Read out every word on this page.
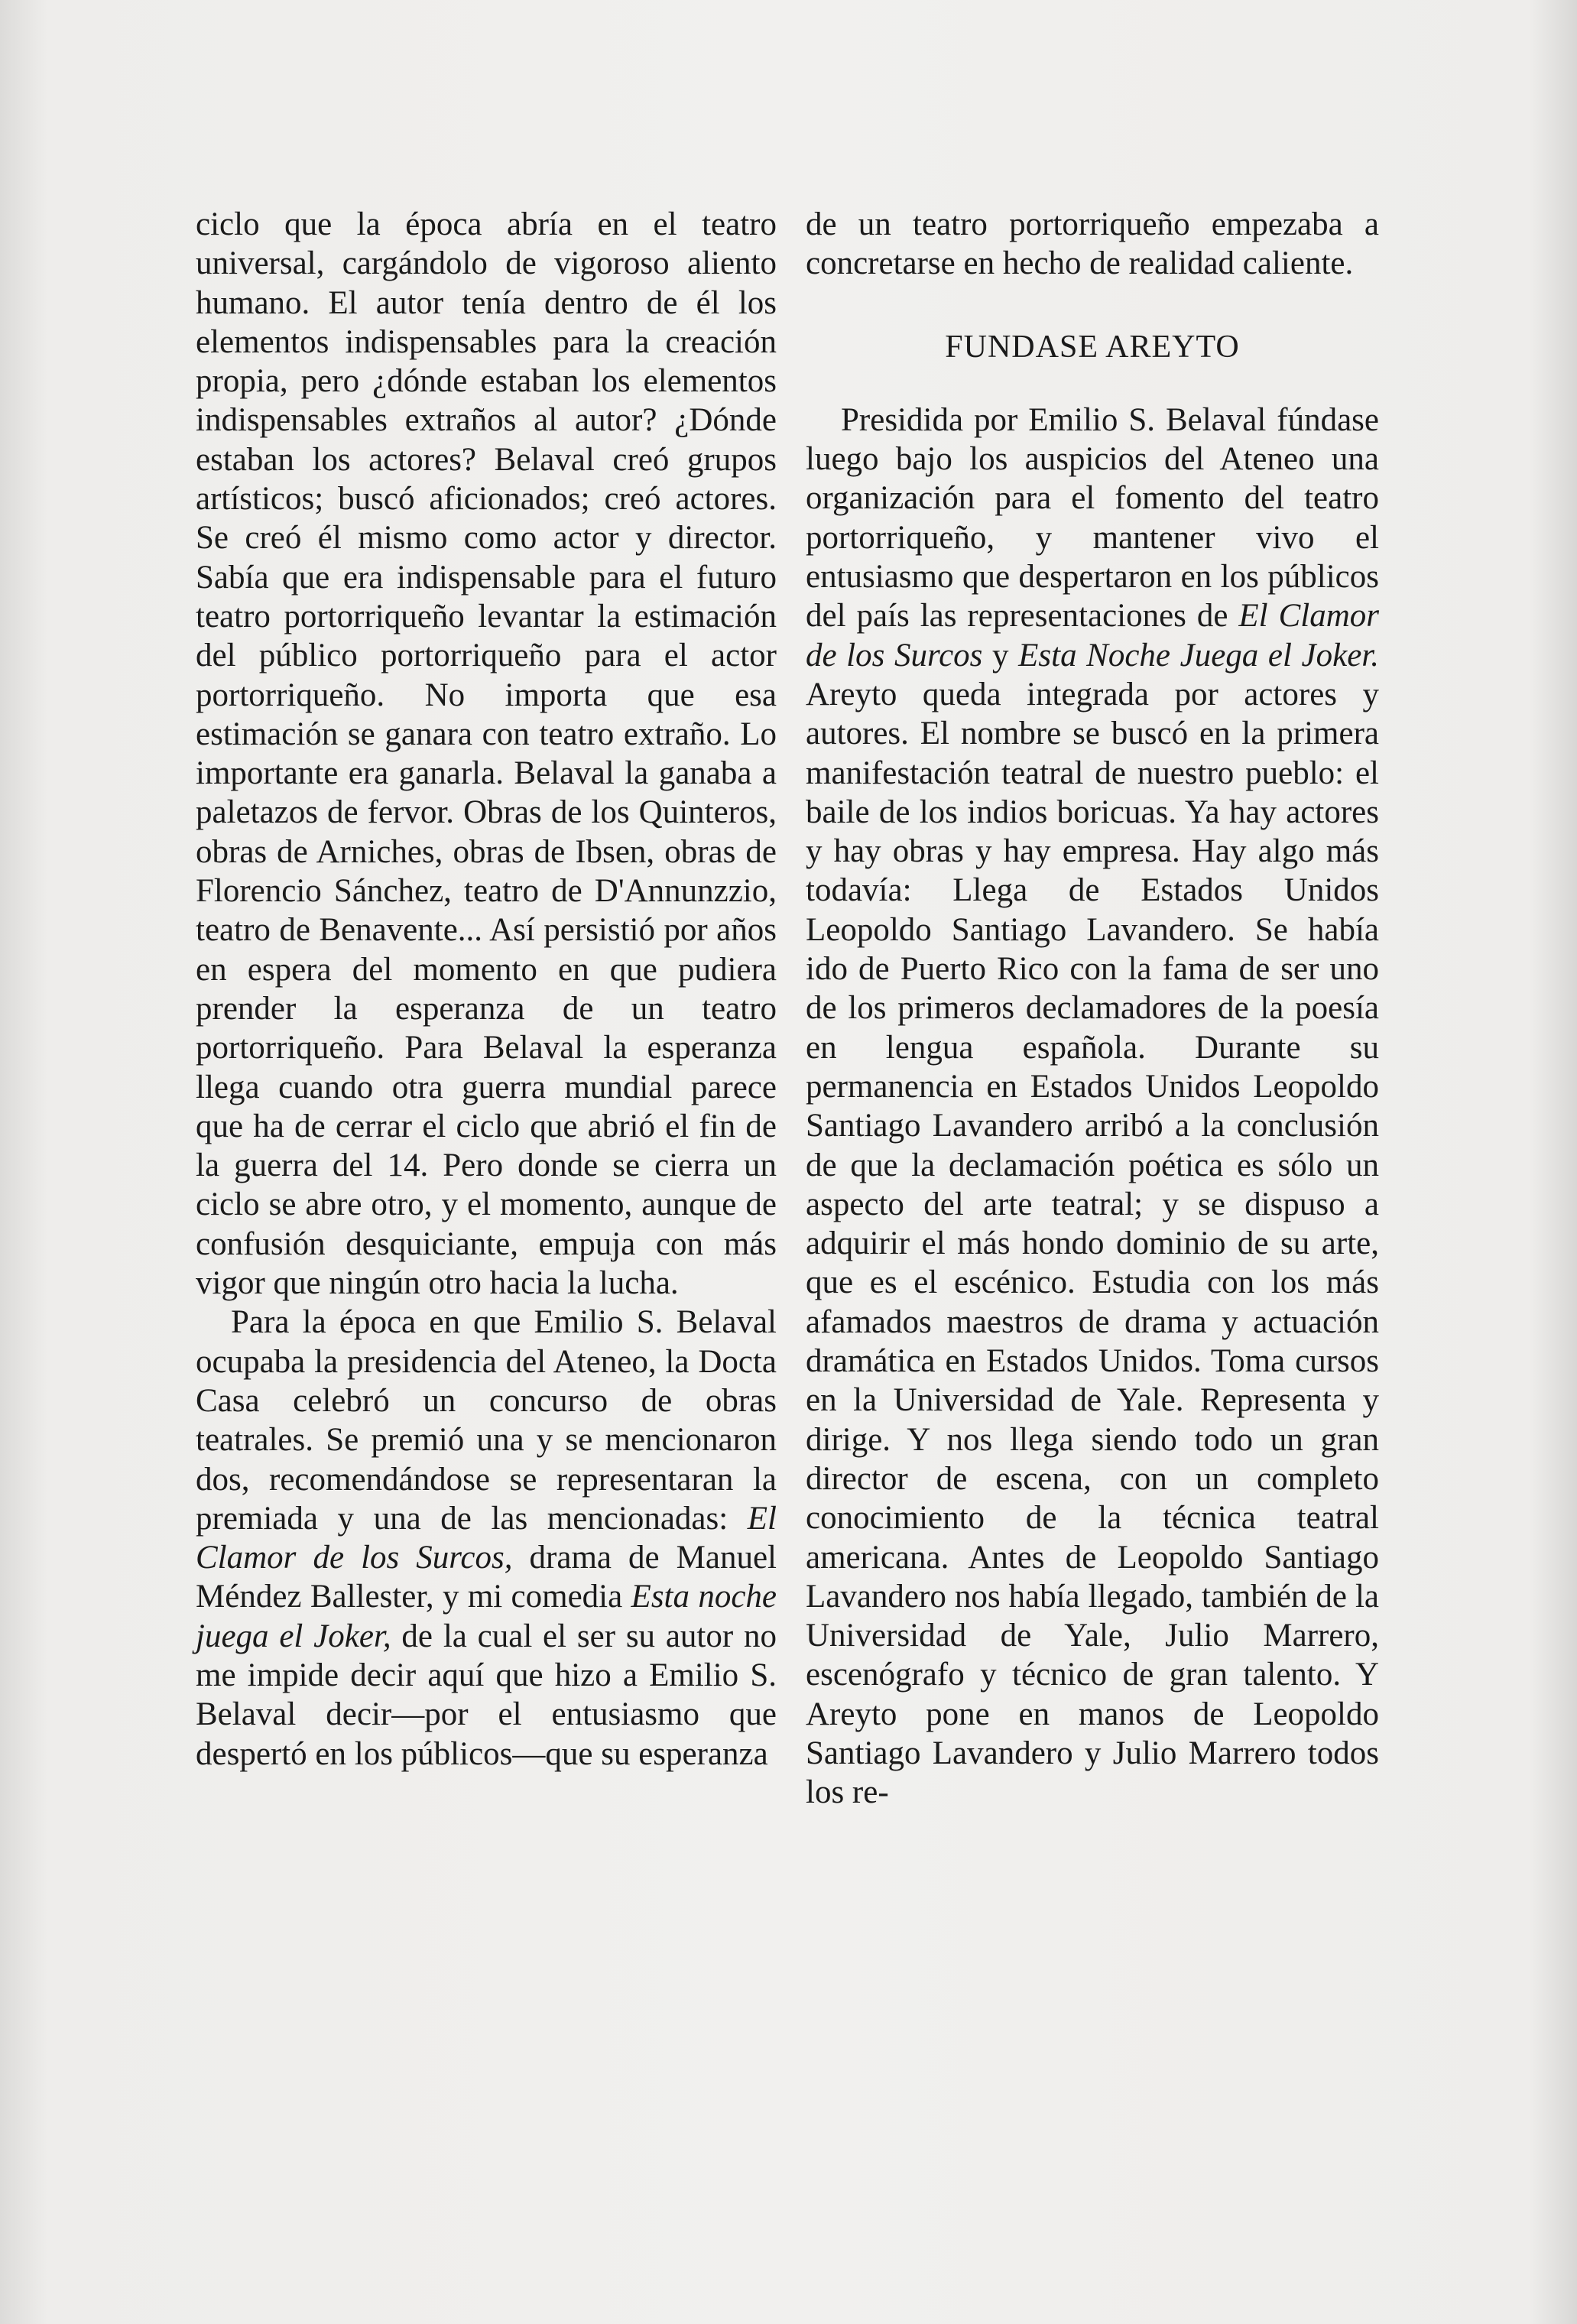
ciclo que la época abría en el teatro universal, cargándolo de vigoroso aliento humano. El autor tenía dentro de él los elementos indispensables para la creación propia, pero ¿dónde estaban los elementos indispensables extraños al autor? ¿Dónde estaban los actores? Belaval creó grupos artísticos; buscó aficionados; creó actores. Se creó él mismo como actor y director. Sabía que era indispensable para el futuro teatro portorriqueño levantar la estimación del público portorriqueño para el actor portorriqueño. No importa que esa estimación se ganara con teatro extraño. Lo importante era ganarla. Belaval la ganaba a paletazos de fervor. Obras de los Quinteros, obras de Arniches, obras de Ibsen, obras de Florencio Sánchez, teatro de D'Annunzzio, teatro de Benavente... Así persistió por años en espera del momento en que pudiera prender la esperanza de un teatro portorriqueño. Para Belaval la esperanza llega cuando otra guerra mundial parece que ha de cerrar el ciclo que abrió el fin de la guerra del 14. Pero donde se cierra un ciclo se abre otro, y el momento, aunque de confusión desquiciante, empuja con más vigor que ningún otro hacia la lucha.

Para la época en que Emilio S. Belaval ocupaba la presidencia del Ateneo, la Docta Casa celebró un concurso de obras teatrales. Se premió una y se mencionaron dos, recomendándose se representaran la premiada y una de las mencionadas: El Clamor de los Surcos, drama de Manuel Méndez Ballester, y mi comedia Esta noche juega el Joker, de la cual el ser su autor no me impide decir aquí que hizo a Emilio S. Belaval decir—por el entusiasmo que despertó en los públicos—que su esperanza

de un teatro portorriqueño empezaba a concretarse en hecho de realidad caliente.

FUNDASE AREYTO

Presidida por Emilio S. Belaval fúndase luego bajo los auspicios del Ateneo una organización para el fomento del teatro portorriqueño, y mantener vivo el entusiasmo que despertaron en los públicos del país las representaciones de El Clamor de los Surcos y Esta Noche Juega el Joker. Areyto queda integrada por actores y autores. El nombre se buscó en la primera manifestación teatral de nuestro pueblo: el baile de los indios boricuas. Ya hay actores y hay obras y hay empresa. Hay algo más todavía: Llega de Estados Unidos Leopoldo Santiago Lavandero. Se había ido de Puerto Rico con la fama de ser uno de los primeros declamadores de la poesía en lengua española. Durante su permanencia en Estados Unidos Leopoldo Santiago Lavandero arribó a la conclusión de que la declamación poética es sólo un aspecto del arte teatral; y se dispuso a adquirir el más hondo dominio de su arte, que es el escénico. Estudia con los más afamados maestros de drama y actuación dramática en Estados Unidos. Toma cursos en la Universidad de Yale. Representa y dirige. Y nos llega siendo todo un gran director de escena, con un completo conocimiento de la técnica teatral americana. Antes de Leopoldo Santiago Lavandero nos había llegado, también de la Universidad de Yale, Julio Marrero, escenógrafo y técnico de gran talento. Y Areyto pone en manos de Leopoldo Santiago Lavandero y Julio Marrero todos los re-
